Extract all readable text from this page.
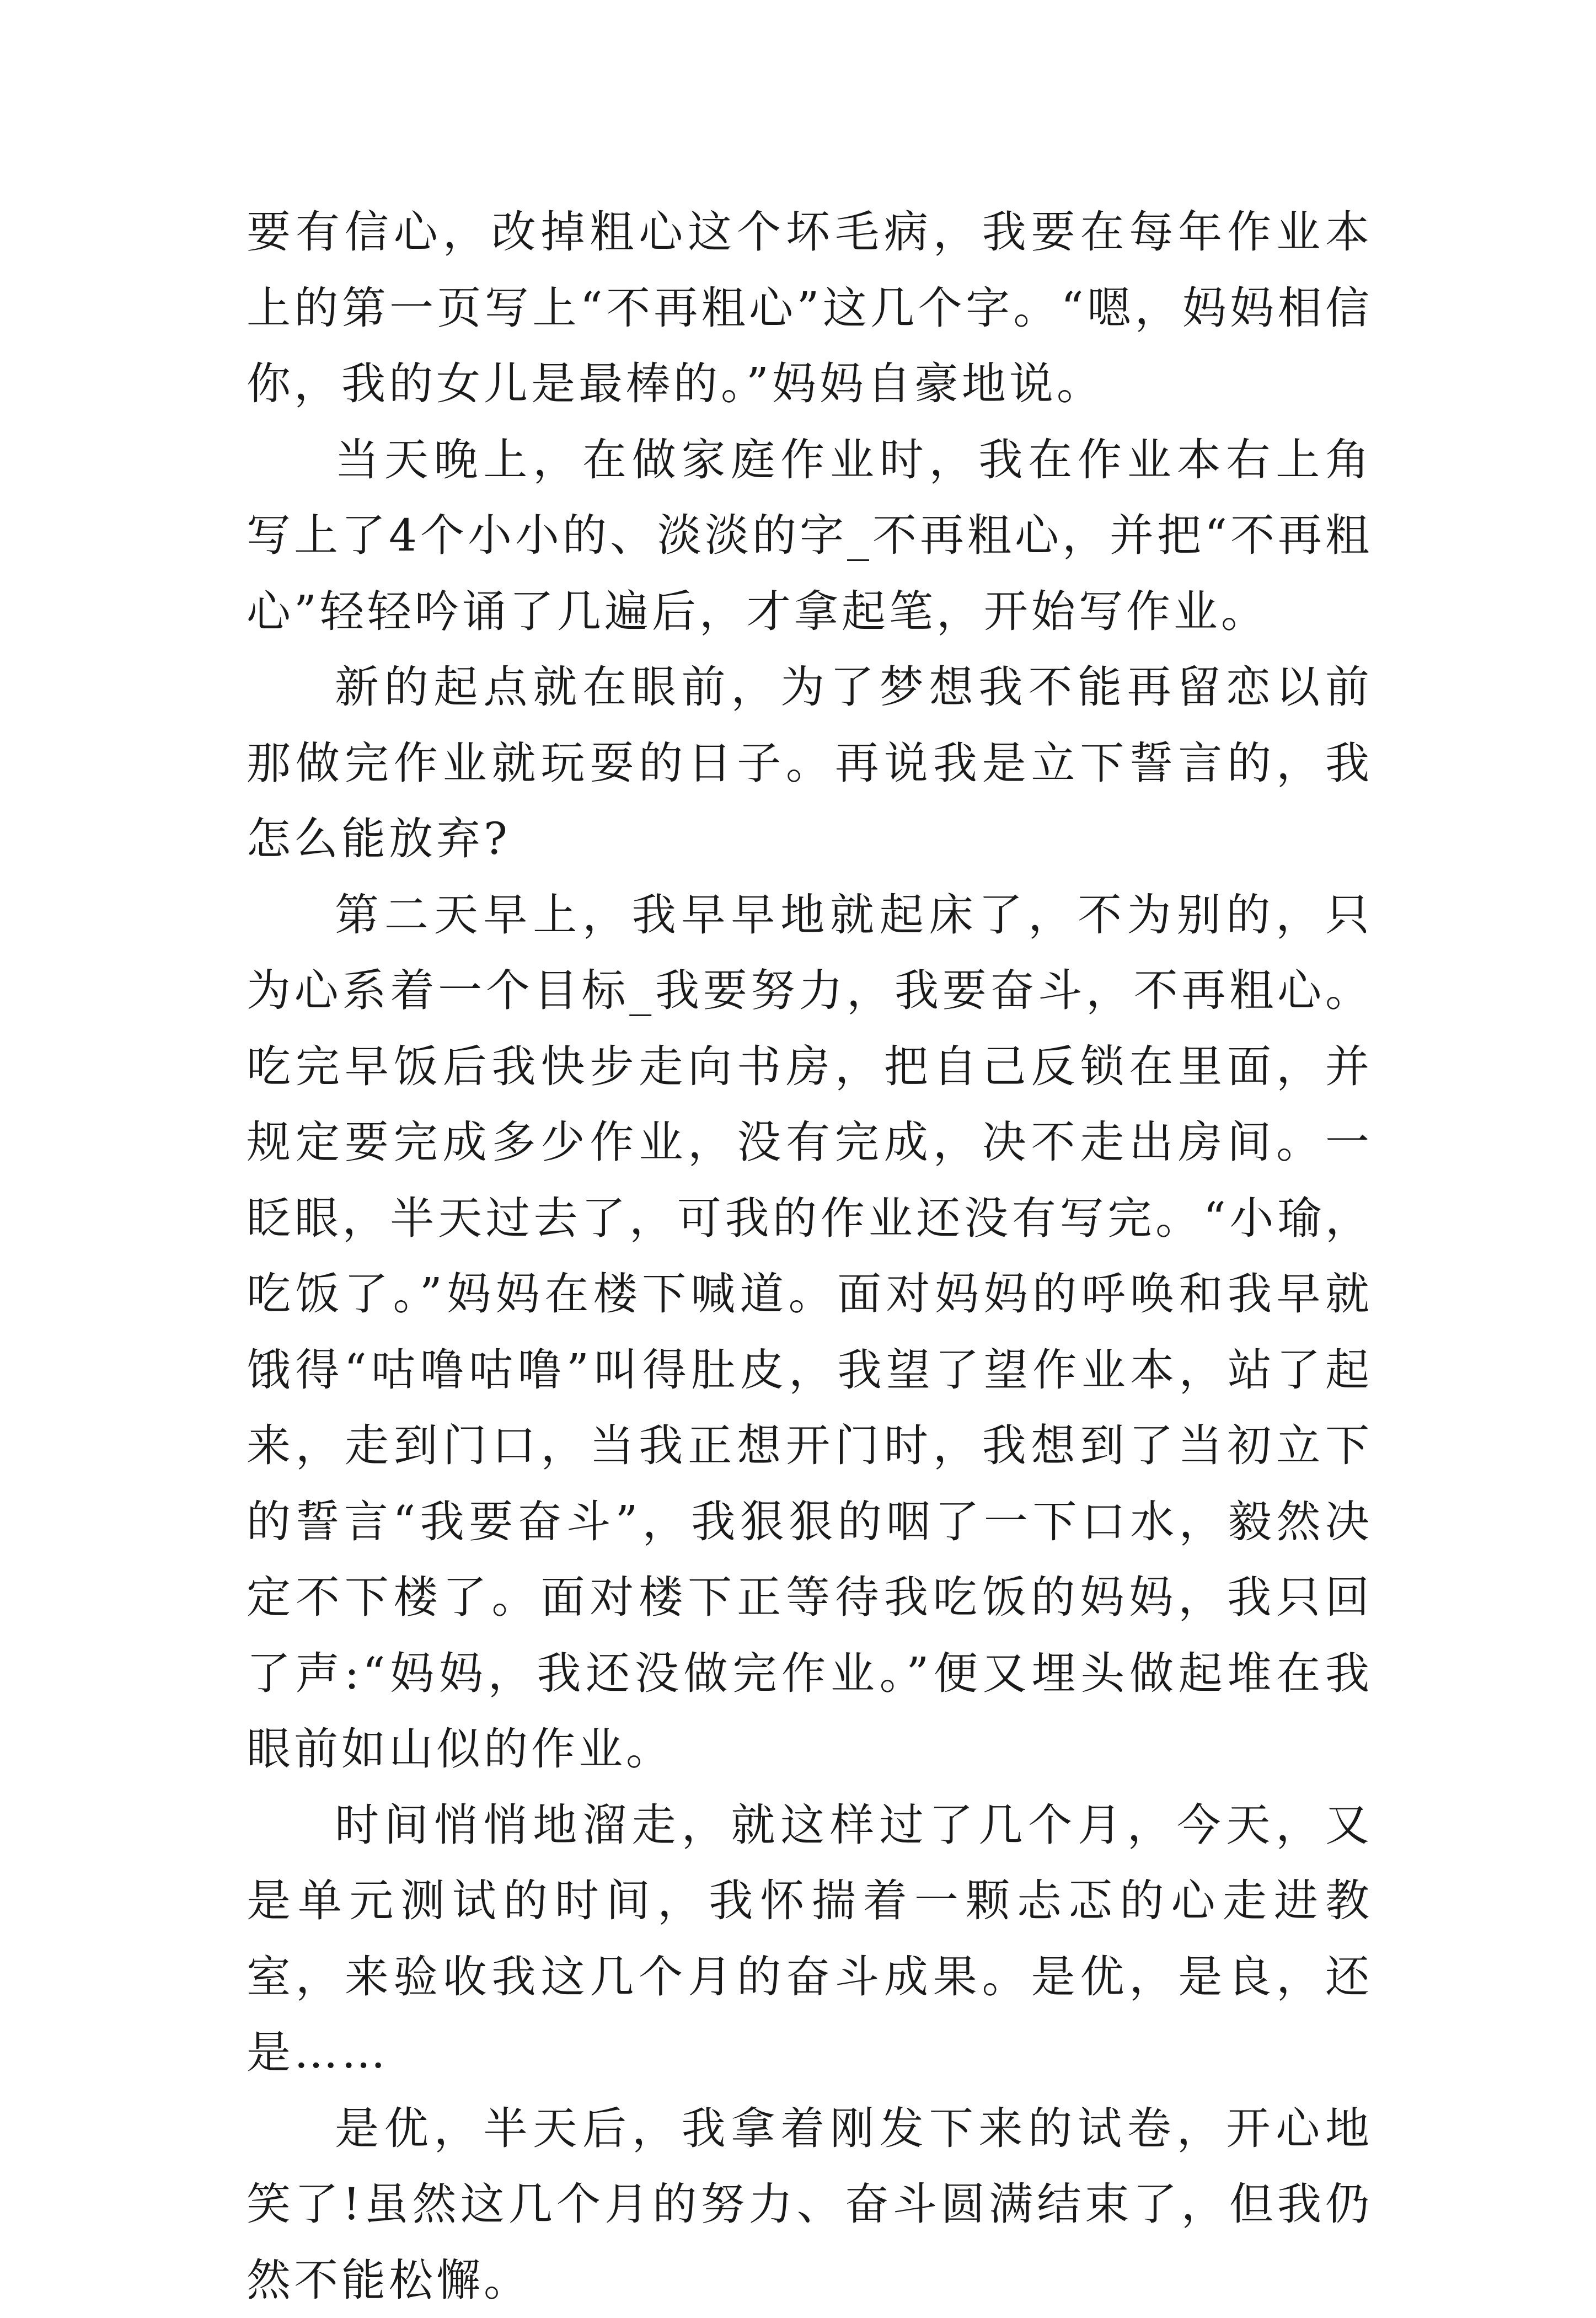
要有信心，改掉粗心这个坏毛病，我要在每年作业本上的第一页写上“不再粗心”这几个字。“嗯，妈妈相信你，我的女儿是最棒的。”妈妈自豪地说。

当天晚上，在做家庭作业时，我在作业本右上角写上了4个小小的、淡淡的字_不再粗心，并把“不再粗心”轻轻吟诵了几遍后，才拿起笔，开始写作业。

新的起点就在眼前，为了梦想我不能再留恋以前那做完作业就玩耍的日子。再说我是立下誓言的，我怎么能放弃?

第二天早上，我早早地就起床了，不为别的，只为心系着一个目标_我要努力，我要奋斗，不再粗心。吃完早饭后我快步走向书房，把自己反锁在里面，并规定要完成多少作业，没有完成，决不走出房间。一眨眼，半天过去了，可我的作业还没有写完。“小瑜，吃饭了。”妈妈在楼下喊道。面对妈妈的呼唤和我早就饿得“咕噜咕噜”叫得肚皮，我望了望作业本，站了起来，走到门口，当我正想开门时，我想到了当初立下的誓言“我要奋斗”，我狠狠的咽了一下口水，毅然决定不下楼了。面对楼下正等待我吃饭的妈妈，我只回了声:“妈妈，我还没做完作业。”便又埋头做起堆在我眼前如山似的作业。

时间悄悄地溜走，就这样过了几个月，今天，又是单元测试的时间，我怀揣着一颗忐忑的心走进教室，来验收我这几个月的奋斗成果。是优，是良，还是……

是优，半天后，我拿着刚发下来的试卷，开心地笑了!虽然这几个月的努力、奋斗圆满结束了，但我仍然不能松懈。
